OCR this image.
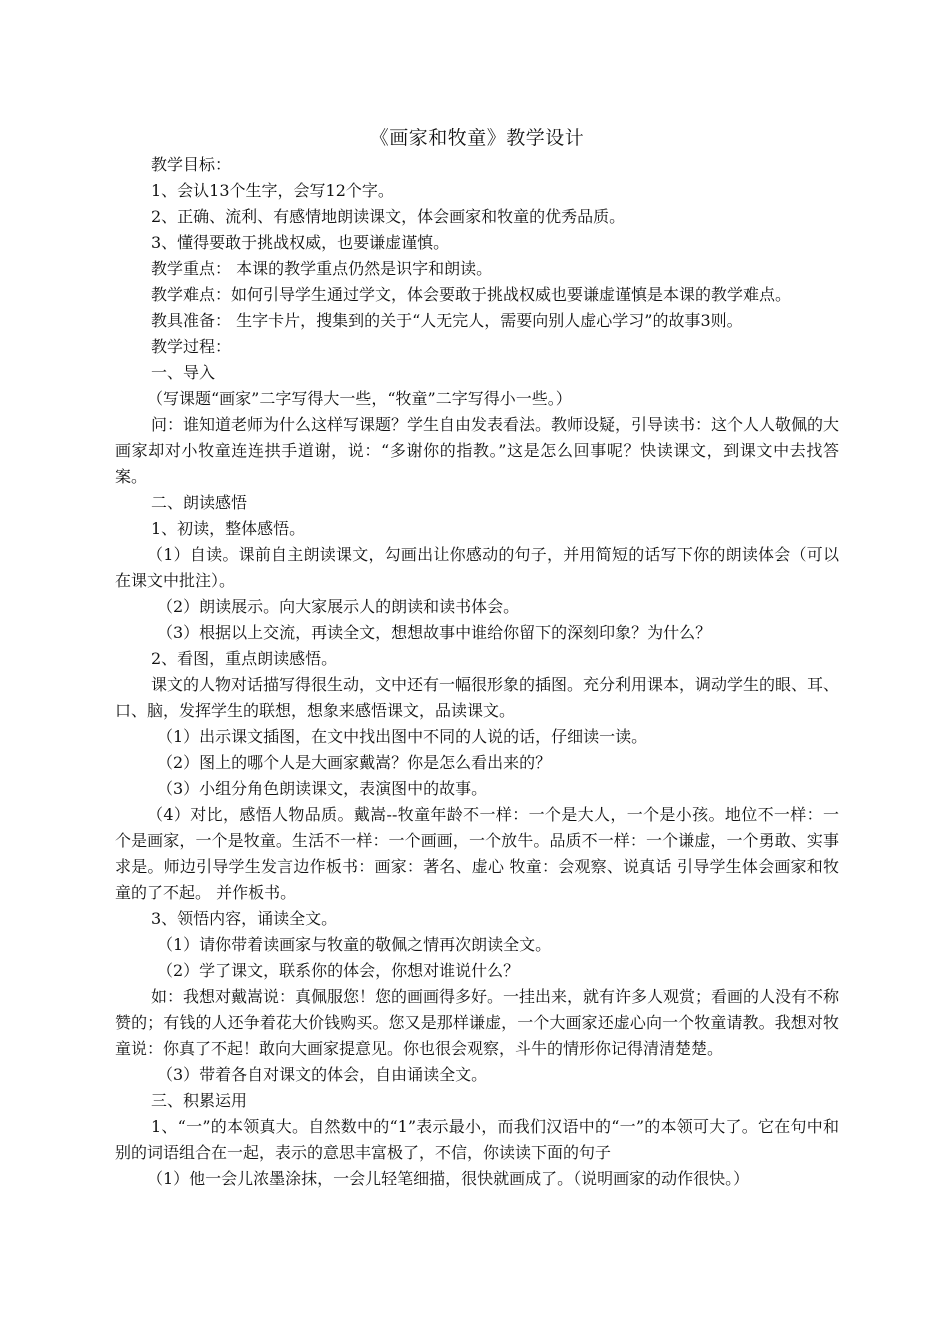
《画家和牧童》教学设计

教学目标：

1、会认13个生字，会写12个字。

2、正确、流利、有感情地朗读课文，体会画家和牧童的优秀品质。

3、懂得要敢于挑战权威，也要谦虚谨慎。

教学重点： 本课的教学重点仍然是识字和朗读。

教学难点：如何引导学生通过学文，体会要敢于挑战权威也要谦虚谨慎是本课的教学难点。

教具准备： 生字卡片，搜集到的关于“人无完人，需要向别人虚心学习”的故事3则。

教学过程：

一、导入

（写课题“画家”二字写得大一些，“牧童”二字写得小一些。）

问：谁知道老师为什么这样写课题？学生自由发表看法。教师设疑，引导读书：这个人人敬佩的大画家却对小牧童连连拱手道谢，说：“多谢你的指教。”这是怎么回事呢？快读课文，到课文中去找答案。

二、朗读感悟

1、初读，整体感悟。

（1）自读。课前自主朗读课文，勾画出让你感动的句子，并用简短的话写下你的朗读体会（可以在课文中批注）。

（2）朗读展示。向大家展示人的朗读和读书体会。

（3）根据以上交流，再读全文，想想故事中谁给你留下的深刻印象？为什么？

2、看图，重点朗读感悟。

课文的人物对话描写得很生动，文中还有一幅很形象的插图。充分利用课本，调动学生的眼、耳、口、脑，发挥学生的联想，想象来感悟课文，品读课文。

（1）出示课文插图，在文中找出图中不同的人说的话，仔细读一读。

（2）图上的哪个人是大画家戴嵩？你是怎么看出来的？

（3）小组分角色朗读课文，表演图中的故事。

（4）对比，感悟人物品质。戴嵩--牧童年龄不一样：一个是大人，一个是小孩。地位不一样：一个是画家，一个是牧童。生活不一样：一个画画，一个放牛。品质不一样：一个谦虚，一个勇敢、实事求是。师边引导学生发言边作板书：画家：著名、虚心 牧童：会观察、说真话 引导学生体会画家和牧童的了不起。 并作板书。

3、领悟内容，诵读全文。

（1）请你带着读画家与牧童的敬佩之情再次朗读全文。

（2）学了课文，联系你的体会，你想对谁说什么？

如：我想对戴嵩说：真佩服您！您的画画得多好。一挂出来，就有许多人观赏；看画的人没有不称赞的；有钱的人还争着花大价钱购买。您又是那样谦虚，一个大画家还虚心向一个牧童请教。我想对牧童说：你真了不起！敢向大画家提意见。你也很会观察，斗牛的情形你记得清清楚楚。

（3）带着各自对课文的体会，自由诵读全文。

三、积累运用

1、“一”的本领真大。自然数中的“1”表示最小，而我们汉语中的“一”的本领可大了。它在句中和别的词语组合在一起，表示的意思丰富极了，不信，你读读下面的句子

（1）他一会儿浓墨涂抹，一会儿轻笔细描，很快就画成了。（说明画家的动作很快。）
